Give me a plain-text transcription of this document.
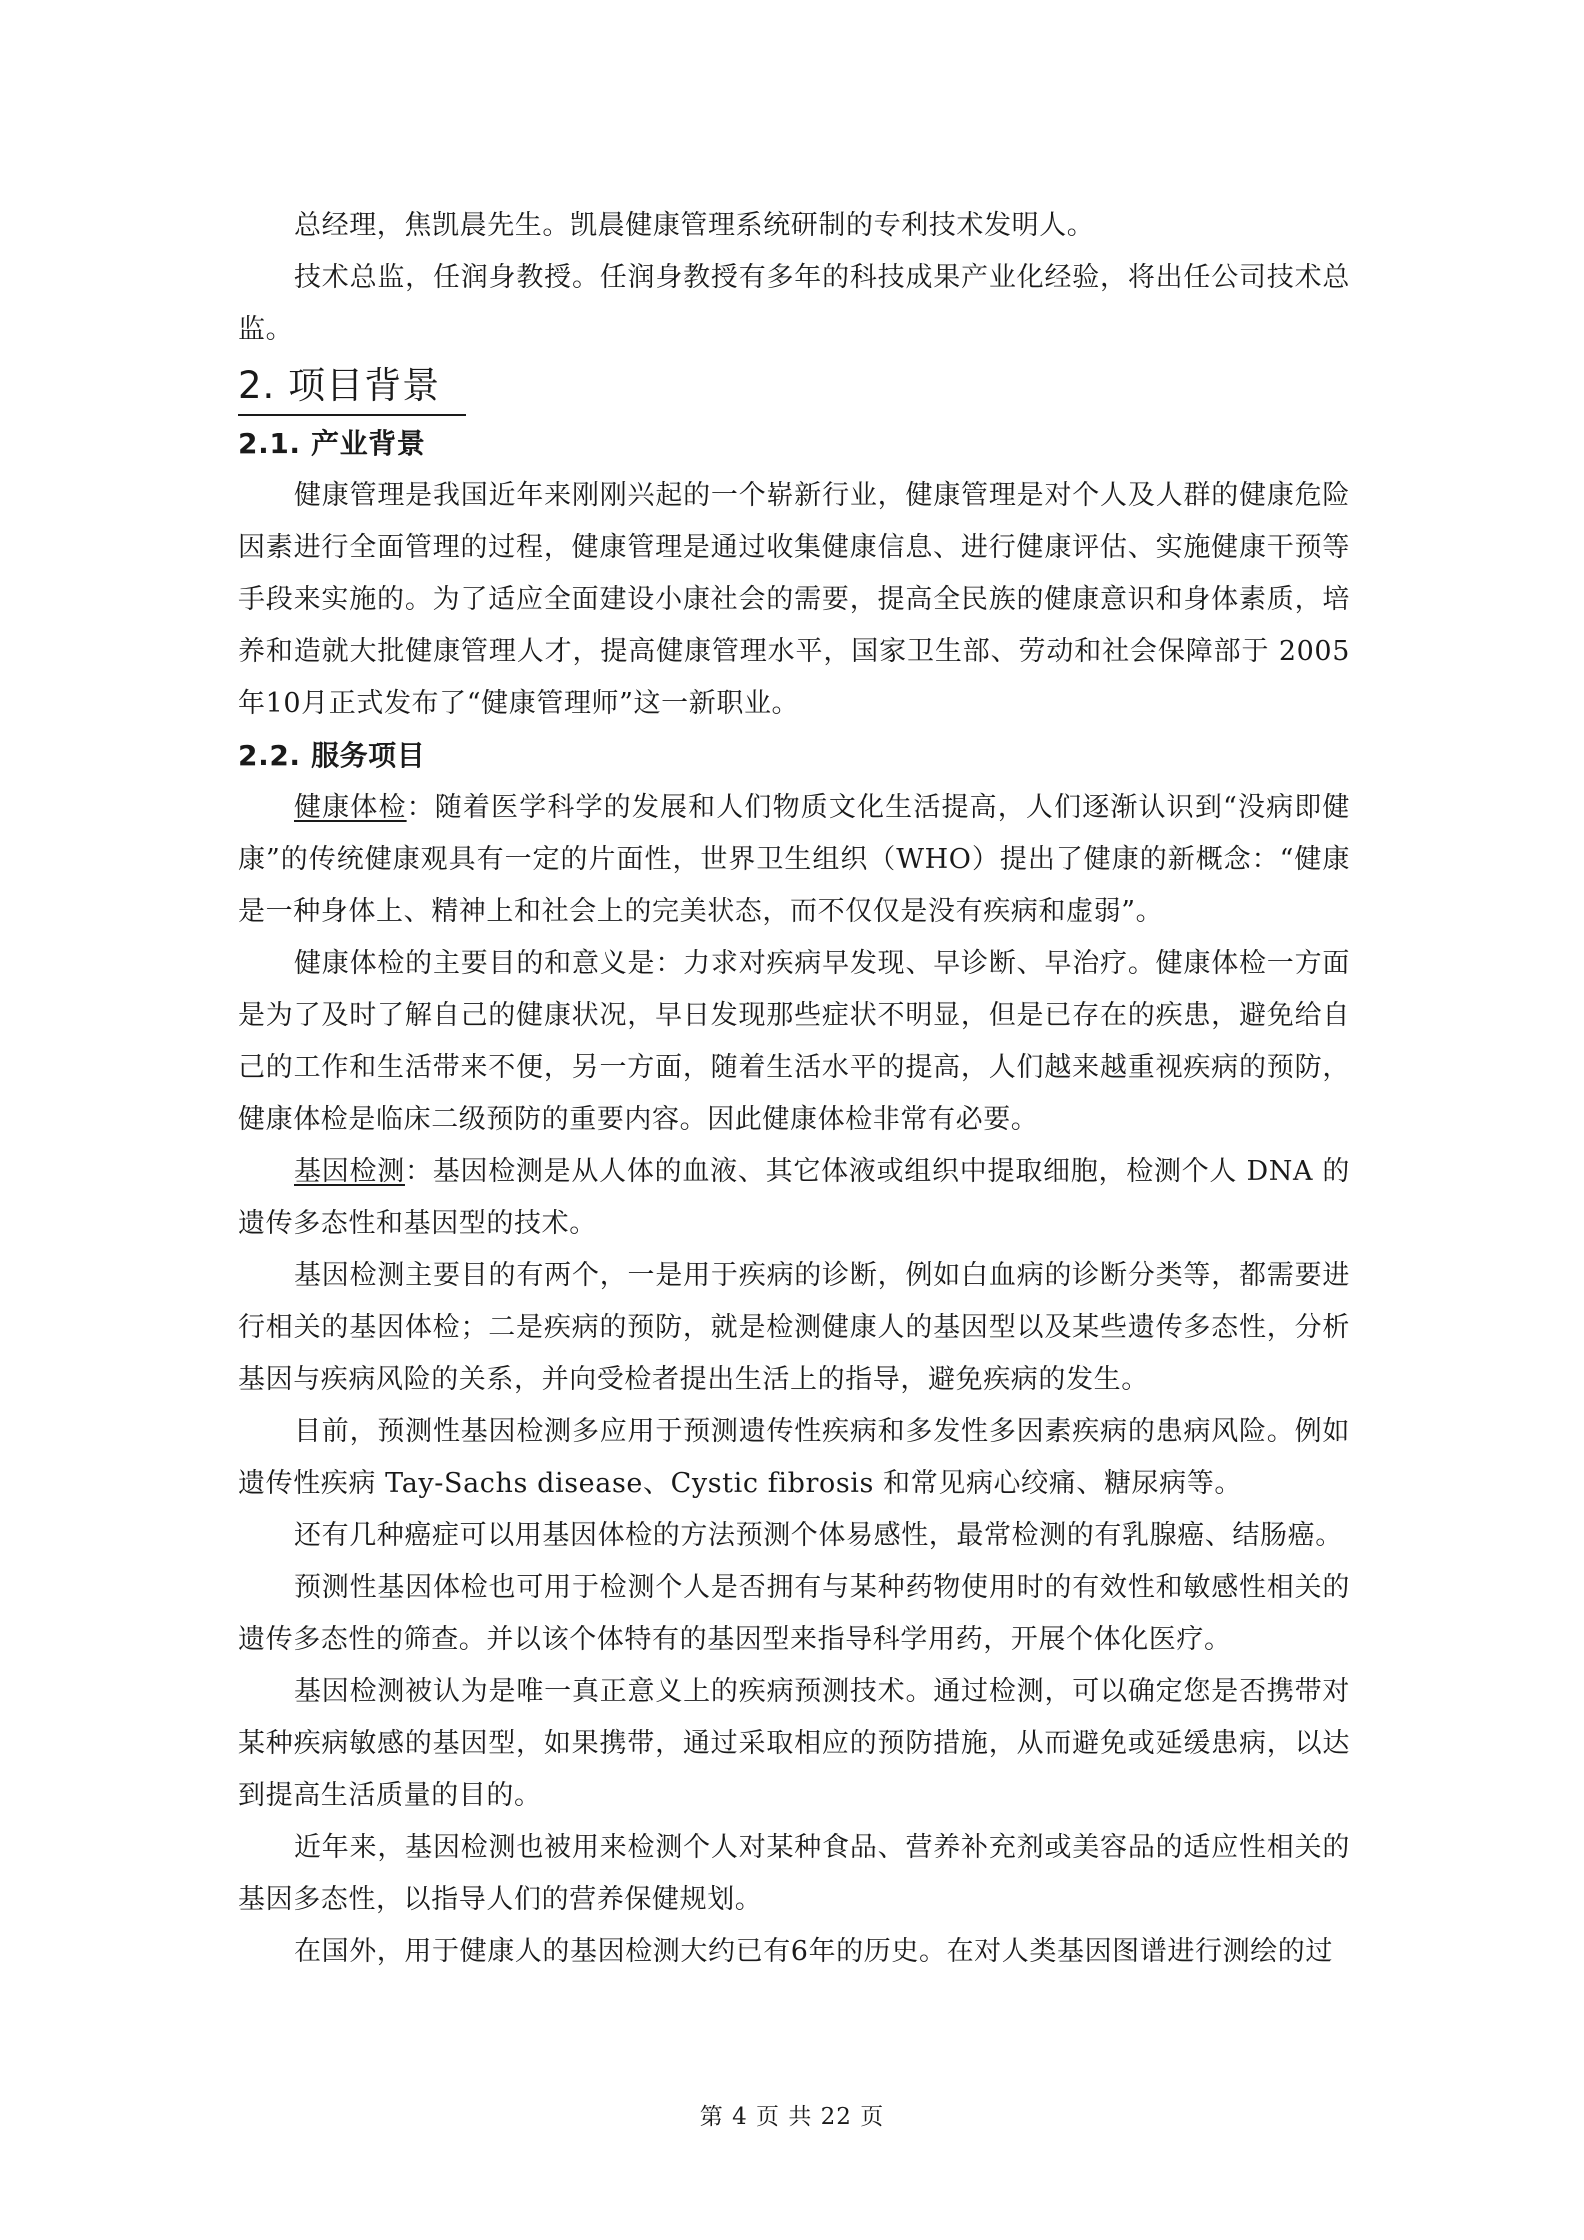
总经理，焦凯晨先生。凯晨健康管理系统研制的专利技术发明人。

技术总监，任润身教授。任润身教授有多年的科技成果产业化经验，将出任公司技术总监。

2. 项目背景
2.1. 产业背景

健康管理是我国近年来刚刚兴起的一个崭新行业，健康管理是对个人及人群的健康危险因素进行全面管理的过程，健康管理是通过收集健康信息、进行健康评估、实施健康干预等手段来实施的。为了适应全面建设小康社会的需要，提高全民族的健康意识和身体素质，培养和造就大批健康管理人才，提高健康管理水平，国家卫生部、劳动和社会保障部于 2005年10月正式发布了“健康管理师”这一新职业。

2.2. 服务项目

健康体检：随着医学科学的发展和人们物质文化生活提高，人们逐渐认识到“没病即健康”的传统健康观具有一定的片面性，世界卫生组织（WHO）提出了健康的新概念：“健康是一种身体上、精神上和社会上的完美状态，而不仅仅是没有疾病和虚弱”。

健康体检的主要目的和意义是：力求对疾病早发现、早诊断、早治疗。健康体检一方面是为了及时了解自己的健康状况，早日发现那些症状不明显，但是已存在的疾患，避免给自己的工作和生活带来不便，另一方面，随着生活水平的提高，人们越来越重视疾病的预防，健康体检是临床二级预防的重要内容。因此健康体检非常有必要。

基因检测：基因检测是从人体的血液、其它体液或组织中提取细胞，检测个人 DNA 的遗传多态性和基因型的技术。

基因检测主要目的有两个，一是用于疾病的诊断，例如白血病的诊断分类等，都需要进行相关的基因体检；二是疾病的预防，就是检测健康人的基因型以及某些遗传多态性，分析基因与疾病风险的关系，并向受检者提出生活上的指导，避免疾病的发生。

目前，预测性基因检测多应用于预测遗传性疾病和多发性多因素疾病的患病风险。例如遗传性疾病 Tay-Sachs disease、Cystic fibrosis 和常见病心绞痛、糖尿病等。

还有几种癌症可以用基因体检的方法预测个体易感性，最常检测的有乳腺癌、结肠癌。

预测性基因体检也可用于检测个人是否拥有与某种药物使用时的有效性和敏感性相关的遗传多态性的筛查。并以该个体特有的基因型来指导科学用药，开展个体化医疗。

基因检测被认为是唯一真正意义上的疾病预测技术。通过检测，可以确定您是否携带对某种疾病敏感的基因型，如果携带，通过采取相应的预防措施，从而避免或延缓患病，以达到提高生活质量的目的。

近年来，基因检测也被用来检测个人对某种食品、营养补充剂或美容品的适应性相关的基因多态性，以指导人们的营养保健规划。

在国外，用于健康人的基因检测大约已有6年的历史。在对人类基因图谱进行测绘的过

第 4 页 共 22 页
